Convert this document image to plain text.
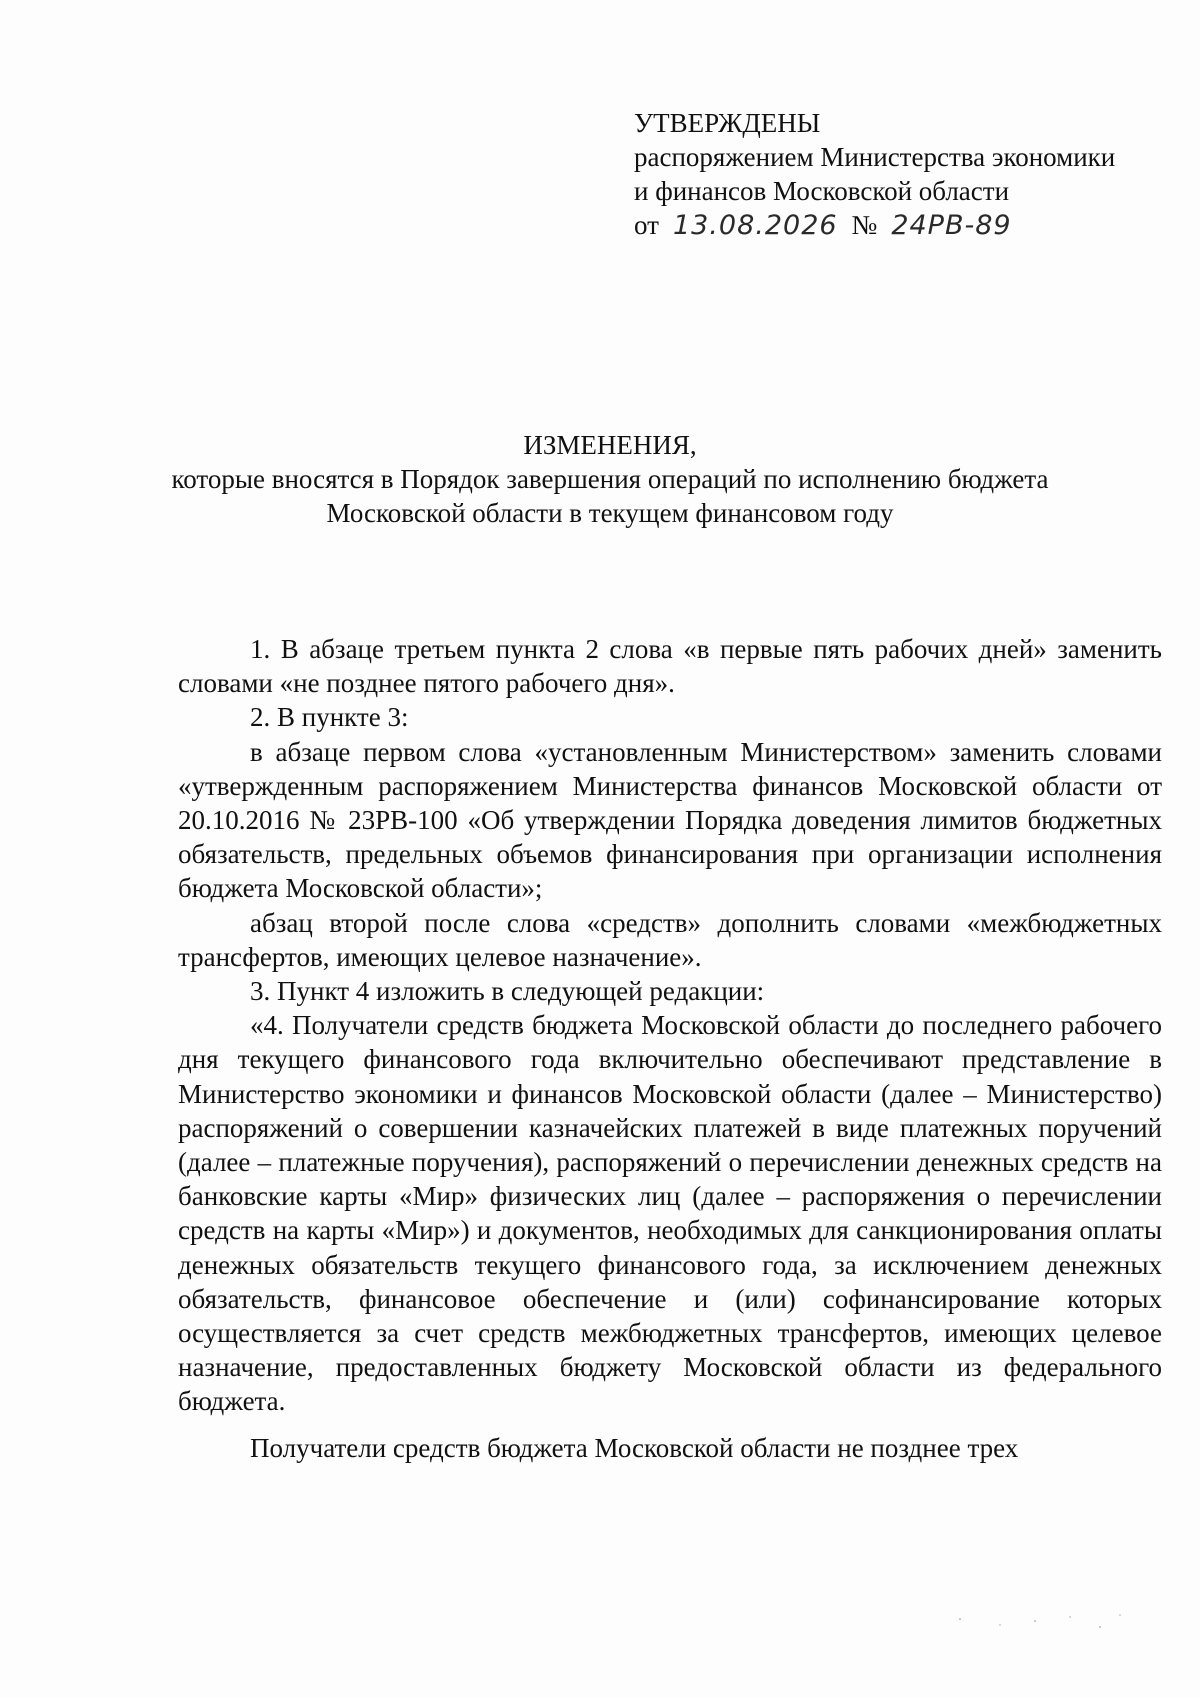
УТВЕРЖДЕНЫ
распоряжением Министерства экономики
и финансов Московской области
от 13.08.2026 № 24РВ-89
ИЗМЕНЕНИЯ,
которые вносятся в Порядок завершения операций по исполнению бюджета
Московской области в текущем финансовом году

1. В абзаце третьем пункта 2 слова «в первые пять рабочих дней» заменить словами «не позднее пятого рабочего дня».

2. В пункте 3:

в абзаце первом слова «установленным Министерством» заменить словами «утвержденным распоряжением Министерства финансов Московской области от 20.10.2016 № 23РВ-100 «Об утверждении Порядка доведения лимитов бюджетных обязательств, предельных объемов финансирования при организации исполнения бюджета Московской области»;

абзац второй после слова «средств» дополнить словами «межбюджетных трансфертов, имеющих целевое назначение».

3. Пункт 4 изложить в следующей редакции:

«4. Получатели средств бюджета Московской области до последнего рабочего дня текущего финансового года включительно обеспечивают представление в Министерство экономики и финансов Московской области (далее – Министерство) распоряжений о совершении казначейских платежей в виде платежных поручений (далее – платежные поручения), распоряжений о перечислении денежных средств на банковские карты «Мир» физических лиц (далее – распоряжения о перечислении средств на карты «Мир») и документов, необходимых для санкционирования оплаты денежных обязательств текущего финансового года, за исключением денежных обязательств, финансовое обеспечение и (или) софинансирование которых осуществляется за счет средств межбюджетных трансфертов, имеющих целевое назначение, предоставленных бюджету Московской области из федерального бюджета.

Получатели средств бюджета Московской области не позднее трех
